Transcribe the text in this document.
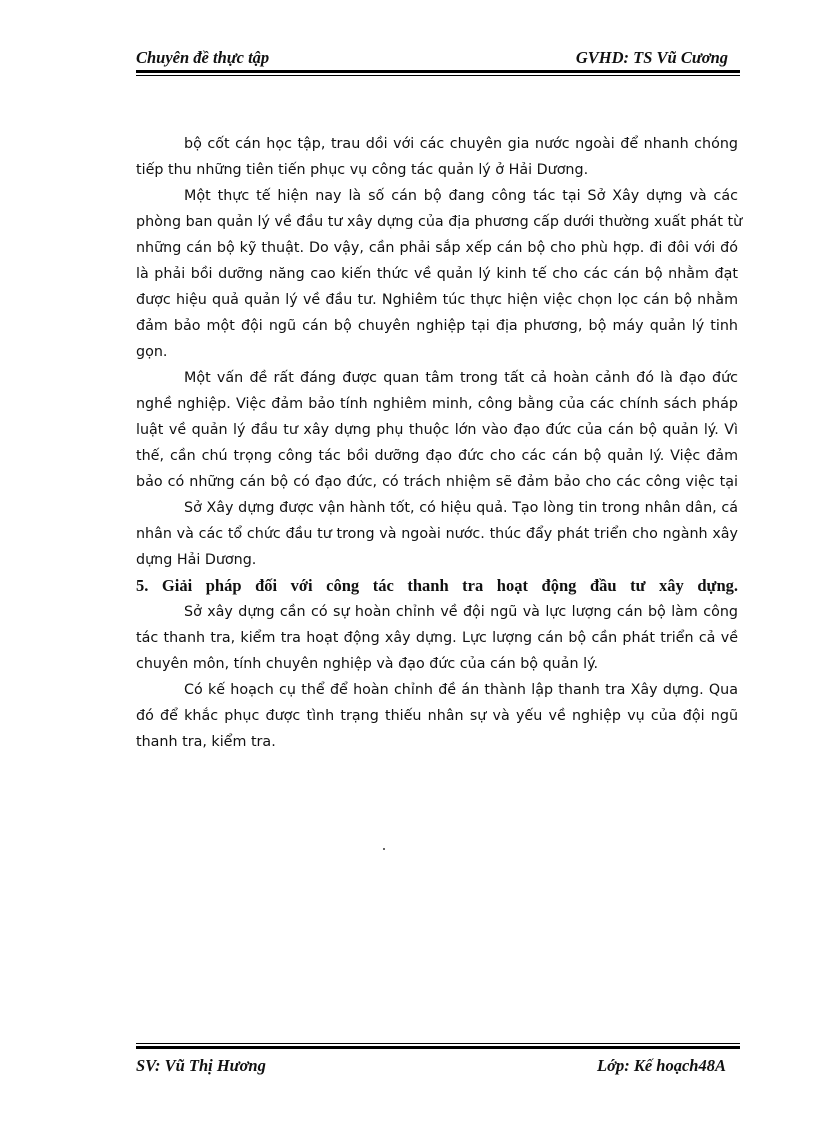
Chuyên đề thực tập	GVHD: TS Vũ Cương
bộ cốt cán học tập, trau dồi với các chuyên gia nước ngoài để nhanh chóng
tiếp thu những tiên tiến phục vụ công tác quản lý ở Hải Dương.
Một thực tế hiện nay là số cán bộ đang công tác tại Sở Xây dựng và các
phòng ban quản lý về đầu tư xây dựng của địa phương cấp dưới thường xuất phát từ
những cán bộ kỹ thuật. Do vậy, cần phải sắp xếp cán bộ cho phù hợp. đi đôi với đó
là phải bồi dưỡng năng cao kiến thức về quản lý kinh tế cho các cán bộ nhằm đạt
được hiệu quả quản lý về đầu tư. Nghiêm túc thực hiện việc chọn lọc cán bộ nhằm
đảm bảo một đội ngũ cán bộ chuyên nghiệp tại địa phương, bộ máy quản lý tinh
gọn.
Một vấn đề rất đáng được quan tâm trong tất cả hoàn cảnh đó là đạo đức
nghề nghiệp. Việc đảm bảo tính nghiêm minh, công bằng của các chính sách pháp
luật về quản lý đầu tư xây dựng phụ thuộc lớn vào đạo đức của cán bộ quản lý. Vì
thế, cần chú trọng công tác bồi dưỡng đạo đức cho các cán bộ quản lý. Việc đảm
bảo có những cán bộ có đạo đức, có trách nhiệm sẽ đảm bảo cho các công việc tại
Sở Xây dựng được vận hành tốt, có hiệu quả. Tạo lòng tin trong nhân dân, cá
nhân và các tổ chức đầu tư trong và ngoài nước. thúc đẩy phát triển cho ngành xây
dựng Hải Dương.
5. Giải pháp đối với công tác thanh tra hoạt động đầu tư xây dựng.
Sở xây dựng cần có sự hoàn chỉnh về đội ngũ và lực lượng cán bộ làm công
tác thanh tra, kiểm tra hoạt động xây dựng. Lực lượng cán bộ cần phát triển cả về
chuyên môn, tính chuyên nghiệp và đạo đức của cán bộ quản lý.
Có kế hoạch cụ thể để hoàn chỉnh đề án thành lập thanh tra Xây dựng. Qua
đó để khắc phục được tình trạng thiếu nhân sự và yếu về nghiệp vụ của đội ngũ
thanh tra, kiểm tra.
SV: Vũ Thị Hương	Lớp: Kế hoạch48A
